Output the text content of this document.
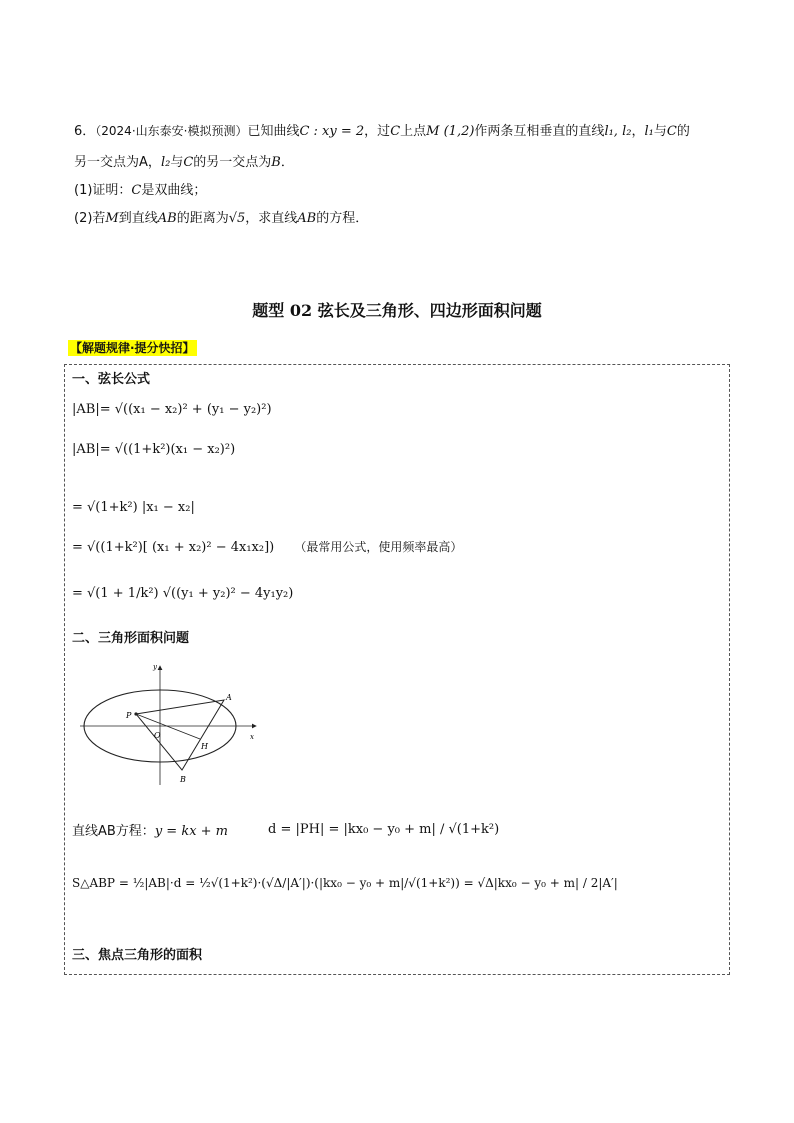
6．（2024·山东泰安·模拟预测）已知曲线C : xy = 2，过C上点M (1,2)作两条互相垂直的直线l₁, l₂，l₁与C的
另一交点为A，l₂与C的另一交点为B．
(1)证明：C是双曲线；
(2)若M到直线AB的距离为√5，求直线AB的方程．
题型 02 弦长及三角形、四边形面积问题
【解题规律·提分快招】
一、弦长公式
|AB|= √((x₁ − x₂)² + (y₁ − y₂)²)
|AB|= √((1+k²)(x₁ − x₂)²)
= √(1+k²) |x₁ − x₂|
= √((1+k²)[ (x₁ + x₂)² − 4x₁x₂]) （最常用公式，使用频率最高）
= √(1 + 1/k²) √((y₁ + y₂)² − 4y₁y₂)
二、三角形面积问题
y
x
O
P
A
H
B
直线AB方程：y = kx + m	d = |PH| = |kx₀ − y₀ + m| / √(1+k²)
S△ABP = ½|AB|·d = ½√(1+k²)·(√Δ/|A′|)·(|kx₀ − y₀ + m|/√(1+k²)) = √Δ|kx₀ − y₀ + m| / 2|A′|
三、焦点三角形的面积
